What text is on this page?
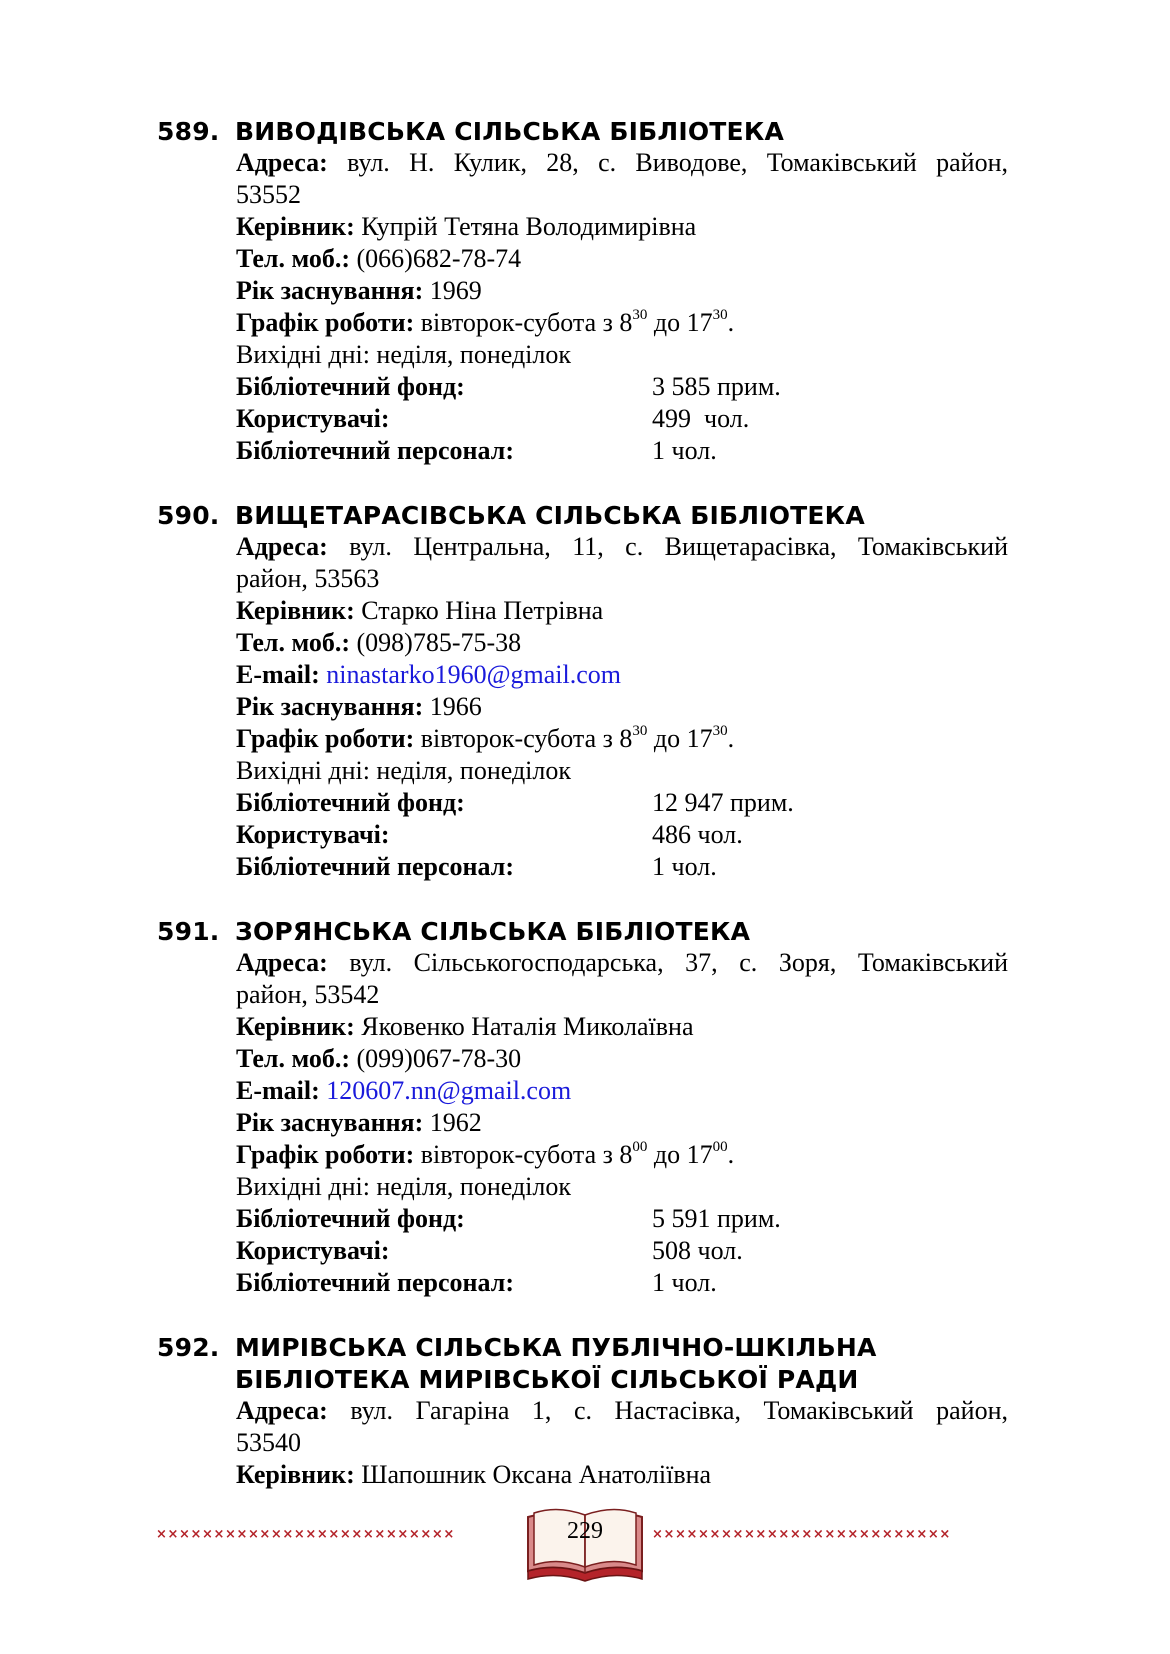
589. ВИВОДІВСЬКА СІЛЬСЬКА БІБЛІОТЕКА
Адреса: вул. Н. Кулик, 28, с. Виводове, Томаківський район,
53552
Керівник: Купрій Тетяна Володимирівна
Тел. моб.: (066)682-78-74
Рік заснування: 1969
Графік роботи: вівторок-субота з $8^{30}$ до $17^{30}$.
Вихідні дні: неділя, понеділок
Бібліотечний фонд:	3 585 прим.
Користувачі:	499  чол.
Бібліотечний персонал:	1 чол.
590. ВИЩЕТАРАСІВСЬКА СІЛЬСЬКА БІБЛІОТЕКА
Адреса: вул. Центральна, 11, с. Вищетарасівка, Томаківський
район, 53563
Керівник: Старко Ніна Петрівна
Тел. моб.: (098)785-75-38
E-mail: ninastarko1960@gmail.com
Рік заснування: 1966
Графік роботи: вівторок-субота з $8^{30}$ до $17^{30}$.
Вихідні дні: неділя, понеділок
Бібліотечний фонд:	12 947 прим.
Користувачі:	486 чол.
Бібліотечний персонал:	1 чол.
591. ЗОРЯНСЬКА СІЛЬСЬКА БІБЛІОТЕКА
Адреса: вул. Сільськогосподарська, 37, с. Зоря, Томаківський
район, 53542
Керівник: Яковенко Наталія Миколаївна
Тел. моб.: (099)067-78-30
E-mail: 120607.nn@gmail.com
Рік заснування: 1962
Графік роботи: вівторок-субота з $8^{00}$ до $17^{00}$.
Вихідні дні: неділя, понеділок
Бібліотечний фонд:	5 591 прим.
Користувачі:	508 чол.
Бібліотечний персонал:	1 чол.
592. МИРІВСЬКА СІЛЬСЬКА ПУБЛІЧНО-ШКІЛЬНА
БІБЛІОТЕКА МИРІВСЬКОЇ СІЛЬСЬКОЇ РАДИ
Адреса: вул. Гагаріна 1, с. Настасівка, Томаківський район,
53540
Керівник: Шапошник Оксана Анатоліївна
××××××××××××××××××××××××××	229	××××××××××××××××××××××××××
